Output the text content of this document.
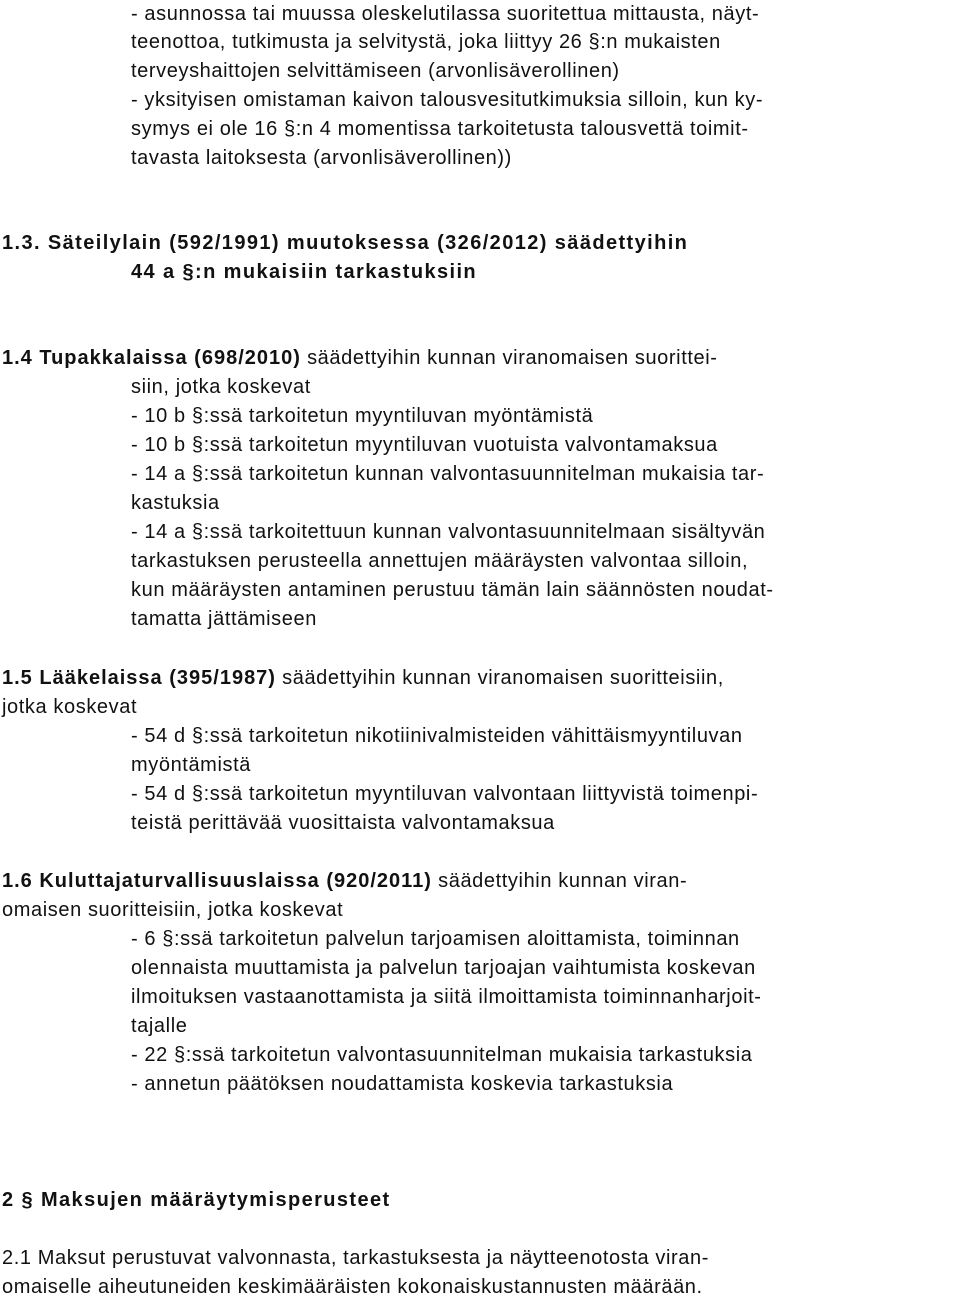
- asunnossa tai muussa oleskelutilassa suoritettua mittausta, näyt-
teenottoa, tutkimusta ja selvitystä, joka liittyy 26 §:n mukaisten
terveyshaittojen selvittämiseen (arvonlisäverollinen)
- yksityisen omistaman kaivon talousvesitutkimuksia silloin, kun ky-
symys ei ole 16 §:n 4 momentissa tarkoitetusta talousvettä toimit-
tavasta laitoksesta (arvonlisäverollinen))
1.3. Säteilylain (592/1991) muutoksessa (326/2012) säädettyihin
44 a §:n mukaisiin tarkastuksiin
1.4 Tupakkalaissa (698/2010) säädettyihin kunnan viranomaisen suorittei-
siin, jotka koskevat
- 10 b §:ssä tarkoitetun myyntiluvan myöntämistä
- 10 b §:ssä tarkoitetun myyntiluvan vuotuista valvontamaksua
- 14 a §:ssä tarkoitetun kunnan valvontasuunnitelman mukaisia tar-
kastuksia
- 14 a §:ssä tarkoitettuun kunnan valvontasuunnitelmaan sisältyvän
tarkastuksen perusteella annettujen määräysten valvontaa silloin,
kun määräysten antaminen perustuu tämän lain säännösten noudat-
tamatta jättämiseen
1.5 Lääkelaissa (395/1987) säädettyihin kunnan viranomaisen suoritteisiin,
jotka koskevat
- 54 d §:ssä tarkoitetun nikotiinivalmisteiden vähittäismyyntiluvan
myöntämistä
- 54 d §:ssä tarkoitetun myyntiluvan valvontaan liittyvistä toimenpi-
teistä perittävää vuosittaista valvontamaksua
1.6 Kuluttajaturvallisuuslaissa (920/2011) säädettyihin kunnan viran-
omaisen suoritteisiin, jotka koskevat
- 6 §:ssä tarkoitetun palvelun tarjoamisen aloittamista, toiminnan
olennaista muuttamista ja palvelun tarjoajan vaihtumista koskevan
ilmoituksen vastaanottamista ja siitä ilmoittamista toiminnanharjoit-
tajalle
- 22 §:ssä tarkoitetun valvontasuunnitelman mukaisia tarkastuksia
- annetun päätöksen noudattamista koskevia tarkastuksia
2 § Maksujen määräytymisperusteet
2.1 Maksut perustuvat valvonnasta, tarkastuksesta ja näytteenotosta viran-
omaiselle aiheutuneiden keskimääräisten kokonaiskustannusten määrään.
